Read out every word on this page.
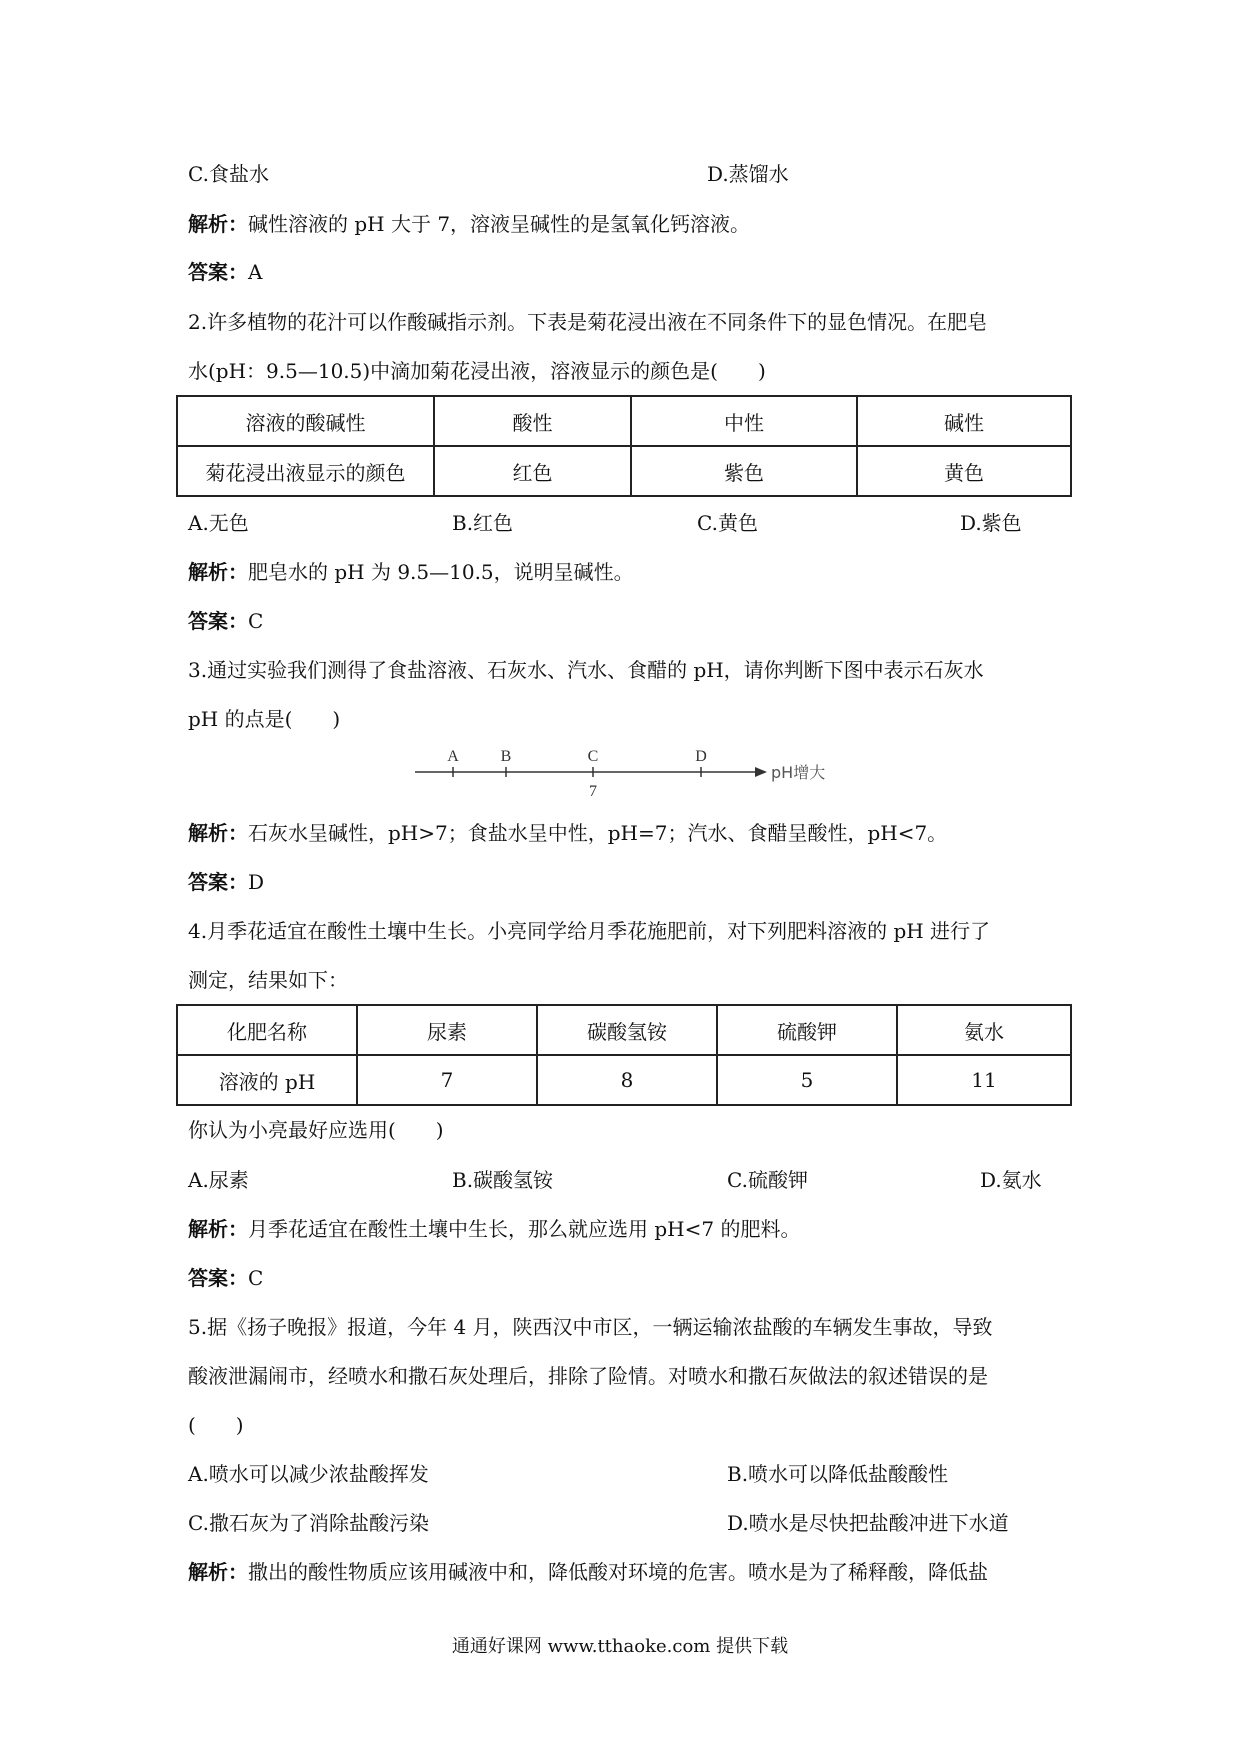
C.食盐水	D.蒸馏水
解析：碱性溶液的 pH 大于 7，溶液呈碱性的是氢氧化钙溶液。
答案：A
2.许多植物的花汁可以作酸碱指示剂。下表是菊花浸出液在不同条件下的显色情况。在肥皂
水(pH：9.5—10.5)中滴加菊花浸出液，溶液显示的颜色是(　　)
溶液的酸碱性	酸性	中性	碱性
菊花浸出液显示的颜色	红色	紫色	黄色
A.无色	B.红色	C.黄色	D.紫色
解析：肥皂水的 pH 为 9.5—10.5，说明呈碱性。
答案：C
3.通过实验我们测得了食盐溶液、石灰水、汽水、食醋的 pH，请你判断下图中表示石灰水
pH 的点是(　　)
A	B	C	D
7
pH增大
解析：石灰水呈碱性，pH>7；食盐水呈中性，pH=7；汽水、食醋呈酸性，pH<7。
答案：D
4.月季花适宜在酸性土壤中生长。小亮同学给月季花施肥前，对下列肥料溶液的 pH 进行了
测定，结果如下：
化肥名称	尿素	碳酸氢铵	硫酸钾	氨水
溶液的 pH	7	8	5	11
你认为小亮最好应选用(　　)
A.尿素	B.碳酸氢铵	C.硫酸钾	D.氨水
解析：月季花适宜在酸性土壤中生长，那么就应选用 pH<7 的肥料。
答案：C
5.据《扬子晚报》报道，今年 4 月，陕西汉中市区，一辆运输浓盐酸的车辆发生事故，导致
酸液泄漏闹市，经喷水和撒石灰处理后，排除了险情。对喷水和撒石灰做法的叙述错误的是
(　　)
A.喷水可以减少浓盐酸挥发	B.喷水可以降低盐酸酸性
C.撒石灰为了消除盐酸污染	D.喷水是尽快把盐酸冲进下水道
解析：撒出的酸性物质应该用碱液中和，降低酸对环境的危害。喷水是为了稀释酸，降低盐
通通好课网 www.tthaoke.com 提供下载
